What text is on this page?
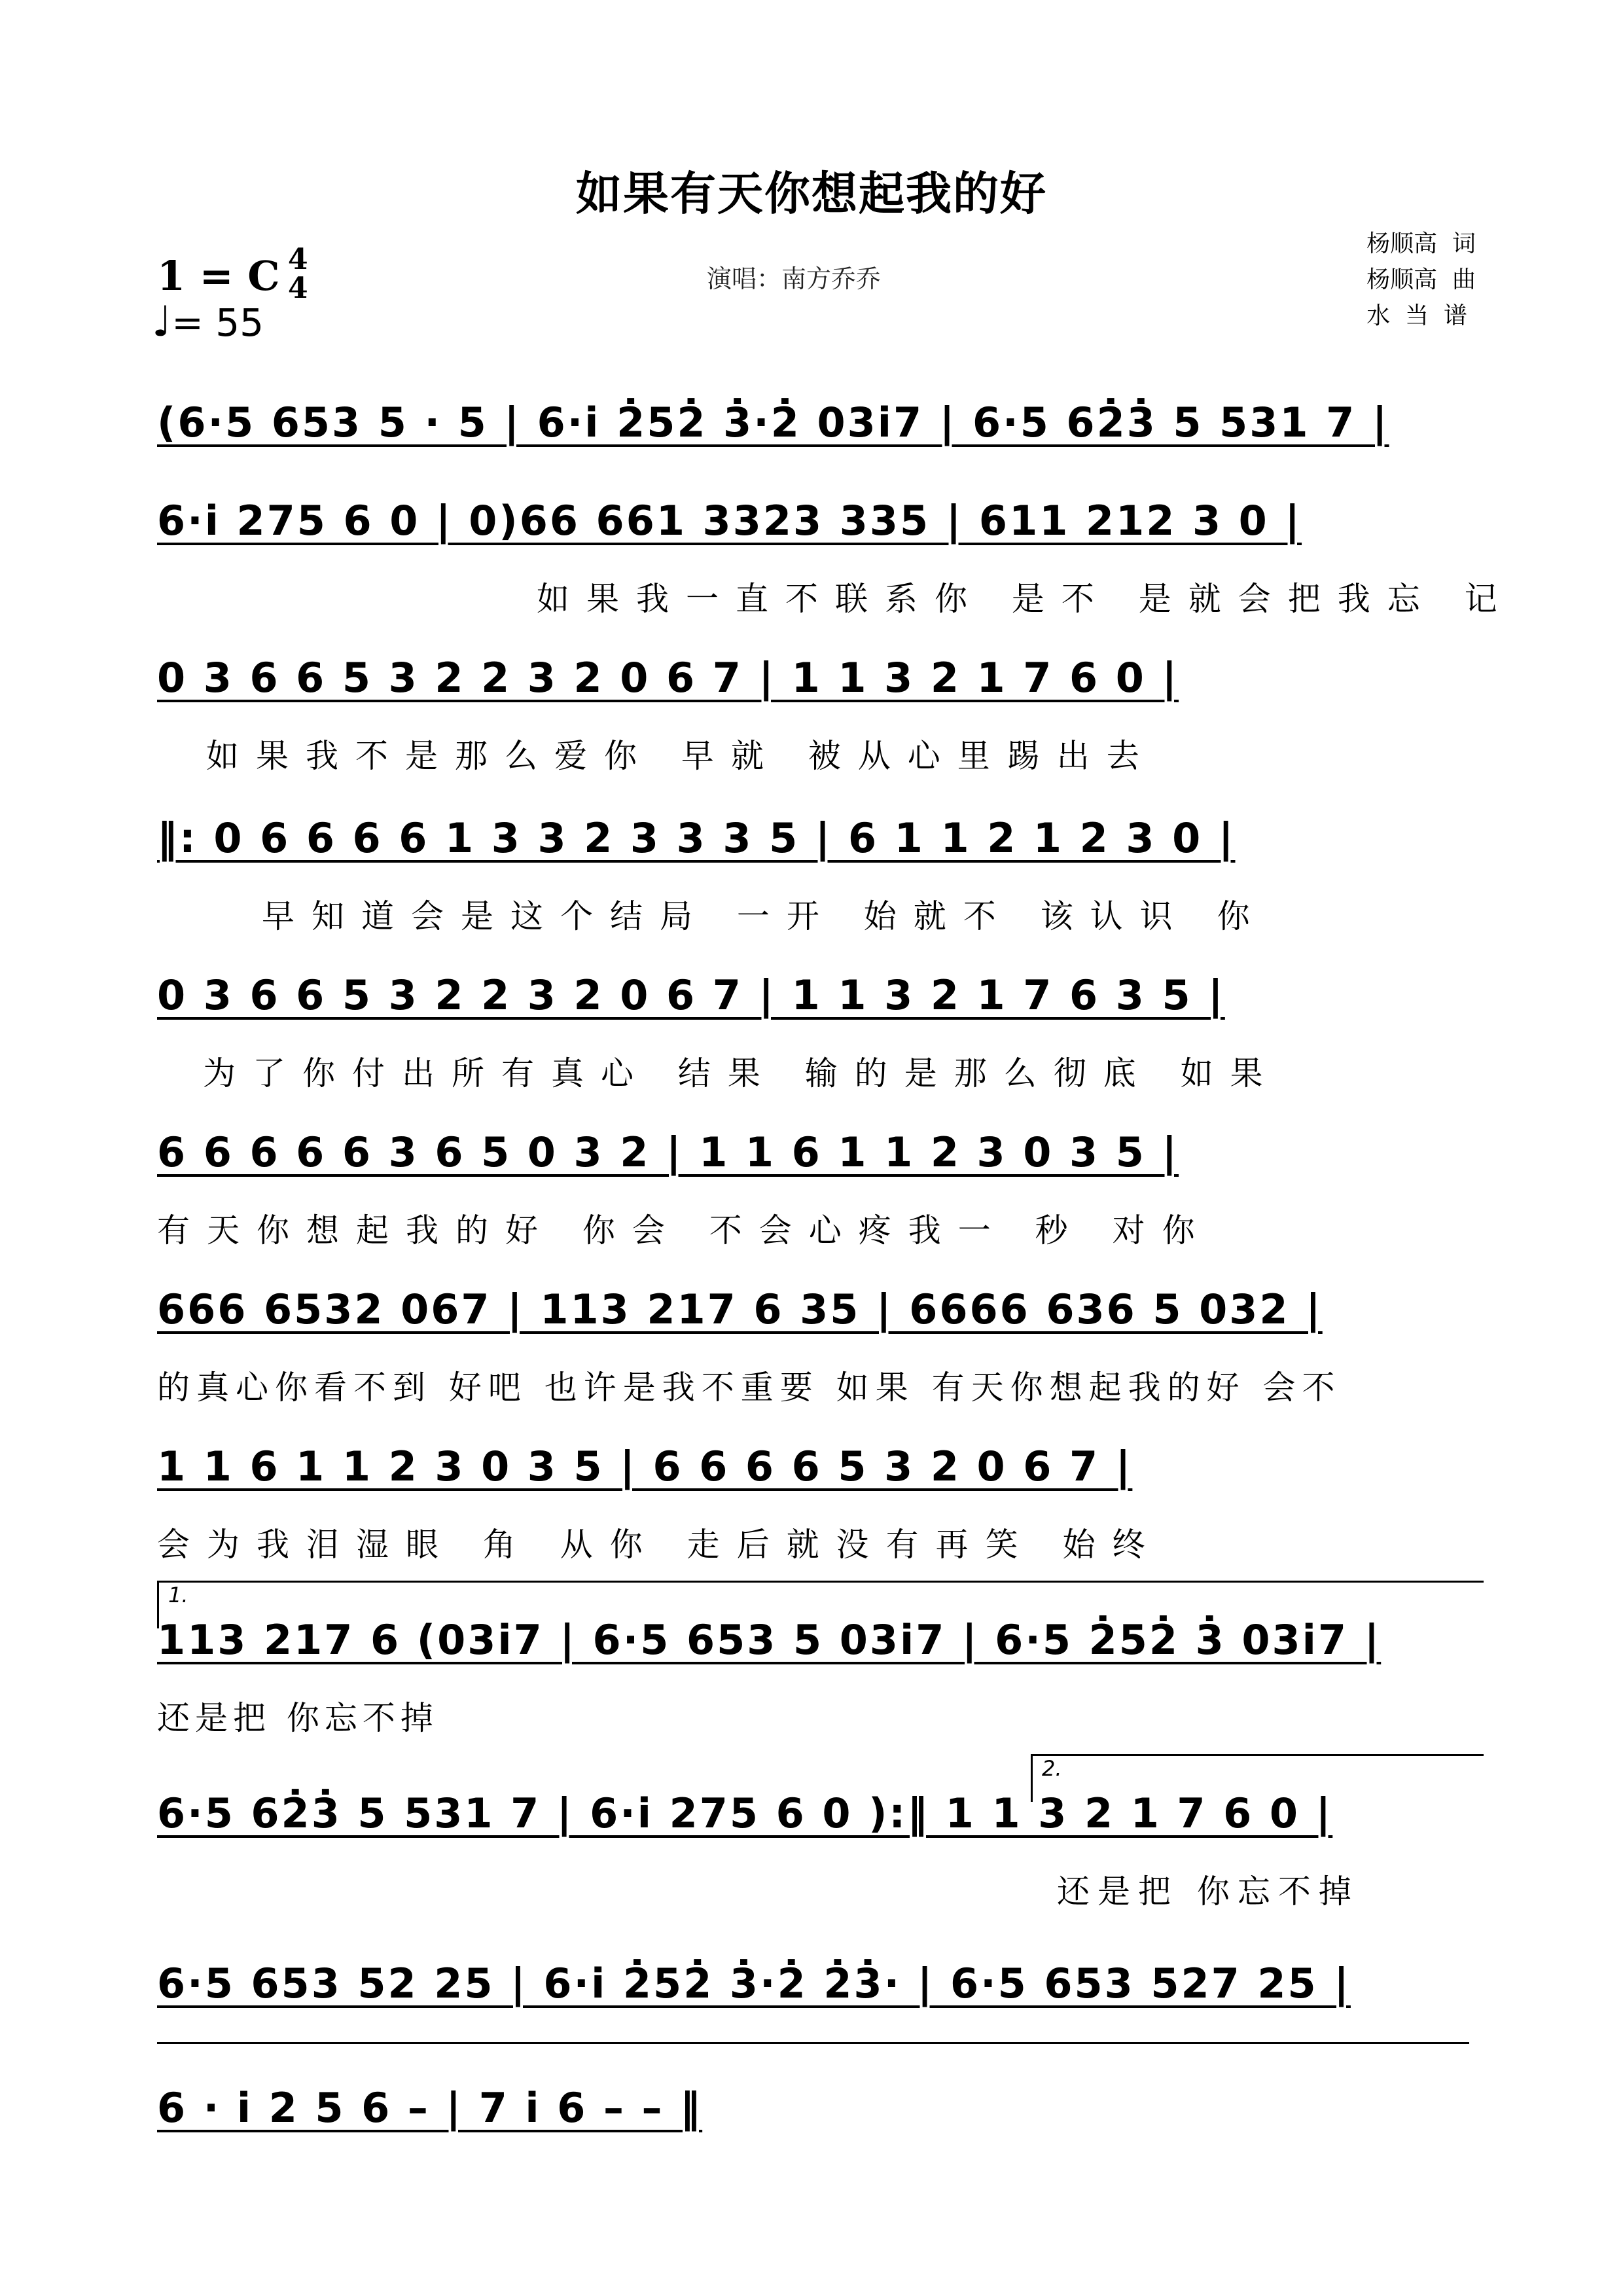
如果有天你想起我的好
1 = C 4
4
♩= 55
演唱：南方乔乔
杨顺高  词
杨顺高  曲
水  当  谱
(6·5 653 5 · 5 | 6·i 2̇52̇ 3̇·2̇ 03i7 | 6·5 62̇3̇ 5 531 7 |
6·i 275 6 0 | 0)66 661 3323 335 | 611 212 3 0 |
如果我一直不联系你 是不 是就会把我忘 记
0 3 6 6 5 3 2 2 3 2 0 6 7 | 1 1 3 2 1 7 6 0 |
如果我不是那么爱你 早就 被从心里踢出去
‖: 0 6 6 6 6 1 3 3 2 3 3 3 5 | 6 1 1 2 1 2 3 0 |
早知道会是这个结局 一开 始就不 该认识 你
0 3 6 6 5 3 2 2 3 2 0 6 7 | 1 1 3 2 1 7 6 3 5 |
为了你付出所有真心 结果 输的是那么彻底 如果
6 6 6 6 6 3 6 5 0 3 2 | 1 1 6 1 1 2 3 0 3 5 |
有天你想起我的好 你会 不会心疼我一 秒 对你
666 6532 067 | 113 217 6 35 | 6666 636 5 032 |
的真心你看不到 好吧 也许是我不重要 如果 有天你想起我的好 会不
1 1 6 1 1 2 3 0 3 5 | 6 6 6 6 5 3 2 0 6 7 |
会为我泪湿眼 角 从你 走后就没有再笑 始终
1.
113 217 6 (03i7 | 6·5 653 5 03i7 | 6·5 2̇52̇ 3̇ 03i7 |
还是把 你忘不掉
2.
6·5 62̇3̇ 5 531 7 | 6·i 275 6 0 ):‖ 1 1 3 2 1 7 6 0 |
还是把 你忘不掉
6·5 653 52 25 | 6·i 2̇52̇ 3̇·2̇ 2̇3̇· | 6·5 653 527 25 |
6 · i 2 5 6 – | 7 i 6 – – ‖
